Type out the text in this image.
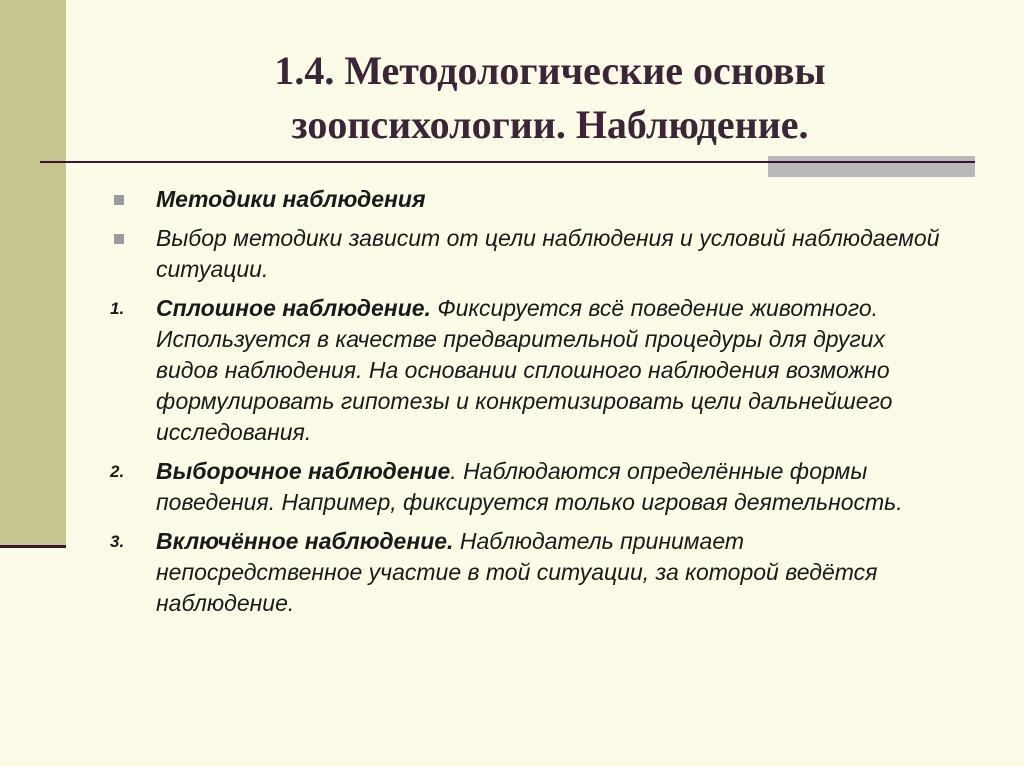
1.4. Методологические основы зоопсихологии. Наблюдение.
Методики наблюдения
Выбор методики зависит от цели наблюдения и условий наблюдаемой ситуации.
1. Сплошное наблюдение. Фиксируется всё поведение животного. Используется в качестве предварительной процедуры для других видов наблюдения. На основании сплошного наблюдения возможно формулировать гипотезы и конкретизировать цели дальнейшего исследования.
2. Выборочное наблюдение. Наблюдаются определённые формы поведения. Например, фиксируется только игровая деятельность.
3. Включённое наблюдение. Наблюдатель принимает непосредственное участие в той ситуации, за которой ведётся наблюдение.
